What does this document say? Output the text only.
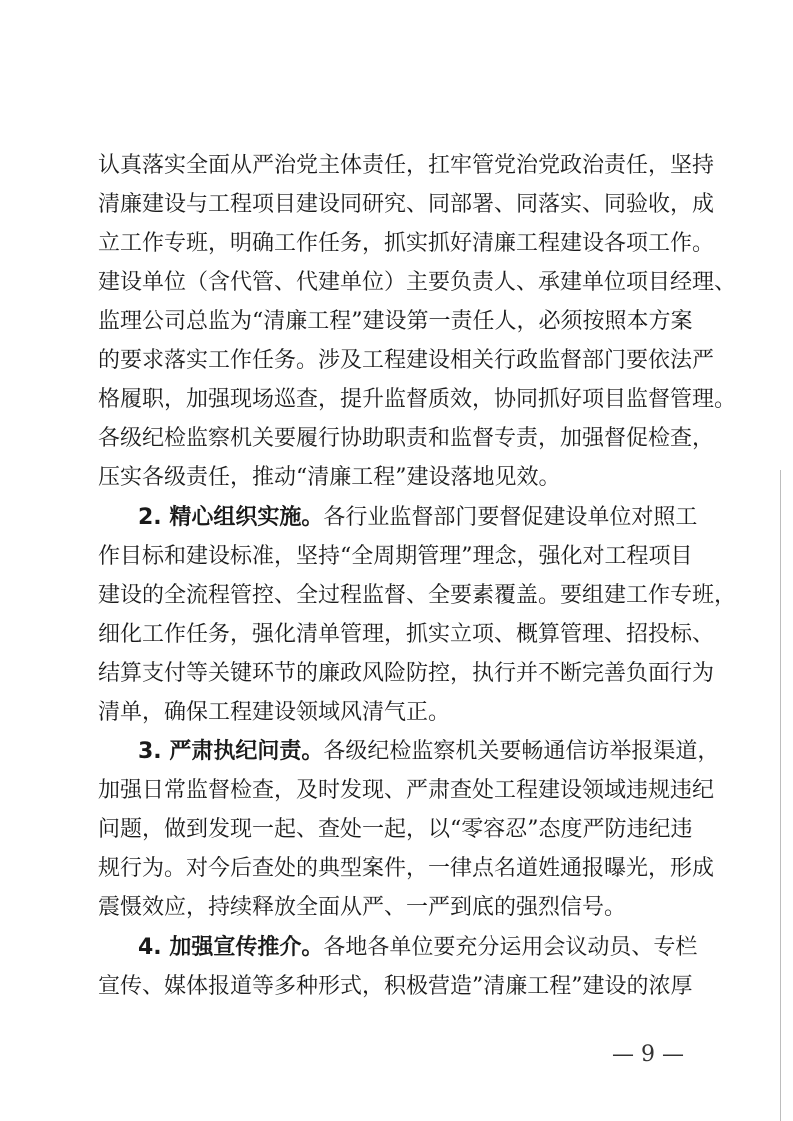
认真落实全面从严治党主体责任，扛牢管党治党政治责任，坚持
清廉建设与工程项目建设同研究、同部署、同落实、同验收，成
立工作专班，明确工作任务，抓实抓好清廉工程建设各项工作。
建设单位（含代管、代建单位）主要负责人、承建单位项目经理、
监理公司总监为“清廉工程”建设第一责任人，必须按照本方案
的要求落实工作任务。涉及工程建设相关行政监督部门要依法严
格履职，加强现场巡查，提升监督质效，协同抓好项目监督管理。
各级纪检监察机关要履行协助职责和监督专责，加强督促检查，
压实各级责任，推动“清廉工程”建设落地见效。
2. 精心组织实施。各行业监督部门要督促建设单位对照工
作目标和建设标准，坚持“全周期管理”理念，强化对工程项目
建设的全流程管控、全过程监督、全要素覆盖。要组建工作专班，
细化工作任务，强化清单管理，抓实立项、概算管理、招投标、
结算支付等关键环节的廉政风险防控，执行并不断完善负面行为
清单，确保工程建设领域风清气正。
3. 严肃执纪问责。各级纪检监察机关要畅通信访举报渠道，
加强日常监督检查，及时发现、严肃查处工程建设领域违规违纪
问题，做到发现一起、查处一起，以“零容忍”态度严防违纪违
规行为。对今后查处的典型案件，一律点名道姓通报曝光，形成
震慑效应，持续释放全面从严、一严到底的强烈信号。
4. 加强宣传推介。各地各单位要充分运用会议动员、专栏
宣传、媒体报道等多种形式，积极营造”清廉工程”建设的浓厚
— 9 —
